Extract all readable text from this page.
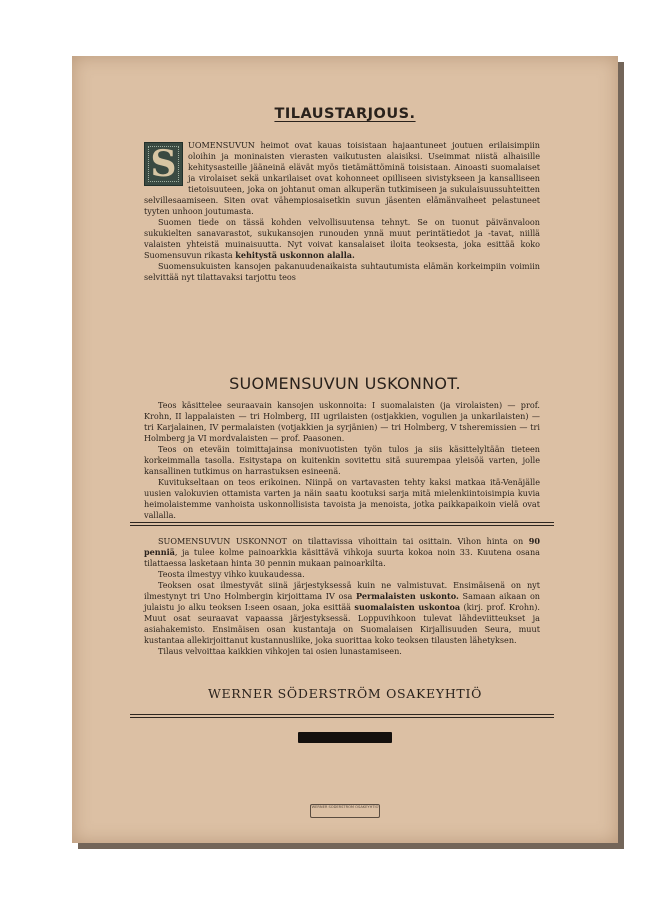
TILAUSTARJOUS.
S	UOMENSUVUN heimot ovat kauas toisistaan hajaantuneet joutuen erilaisimpiin oloihin ja moninaisten vierasten vaikutusten alaisiksi. Useimmat niistä alhaisille kehitysasteille jääneinä elävät myös tietämättöminä toisistaan. Ainoasti suomalaiset ja virolaiset sekä unkarilaiset ovat kohonneet opilliseen sivistykseen ja kansalliseen tietoisuuteen, joka on johtanut oman alkuperän tutkimiseen ja sukulaisuussuhteitten selvillesaamiseen. Siten ovat vähempiosaisetkin suvun jäsenten elämänvaiheet pelastuneet tyyten unhoon joutumasta.

Suomen tiede on tässä kohden velvollisuutensa tehnyt. Se on tuonut päivänvaloon sukukielten sanavarastot, sukukansojen runouden ynnä muut perintätiedot ja -tavat, niillä valaisten yhteistä muinaisuutta. Nyt voivat kansalaiset iloita teoksesta, joka esittää koko Suomensuvun rikasta kehitystä uskonnon alalla.

Suomensukuisten kansojen pakanuudenaikaista suhtautumista elämän korkeimpiin voimiin selvittää nyt tilattavaksi tarjottu teos

SUOMENSUVUN USKONNOT.

Teos käsittelee seuraavain kansojen uskonnoita: I suomalaisten (ja virolaisten) — prof. Krohn, II lappalaisten — tri Holmberg, III ugrilaisten (ostjakkien, vogulien ja unkarilaisten) — tri Karjalainen, IV permalaisten (votjakkien ja syrjänien) — tri Holmberg, V tsheremissien — tri Holmberg ja VI mordvalaisten — prof. Paasonen.

Teos on eteväin toimittajainsa monivuotisten työn tulos ja siis käsittelyltään tieteen korkeimmalla tasolla. Esitystapa on kuitenkin sovitettu sitä suurempaa yleisöä varten, jolle kansallinen tutkimus on harrastuksen esineenä.

Kuvitukseltaan on teos erikoinen. Niinpä on vartavasten tehty kaksi matkaa itä-Venäjälle uusien valokuvien ottamista varten ja näin saatu kootuksi sarja mitä mielenkiintoisimpia kuvia heimolaistemme vanhoista uskonnollisista tavoista ja menoista, jotka paikkapaikoin vielä ovat vallalla.

SUOMENSUVUN USKONNOT on tilattavissa vihoittain tai osittain. Vihon hinta on 90 penniä, ja tulee kolme painoarkkia käsittävä vihkoja suurta kokoa noin 33. Kuutena osana tilattaessa lasketaan hinta 30 pennin mukaan painoarkilta.

Teosta ilmestyy vihko kuukaudessa.

Teoksen osat ilmestyvät siinä järjestyksessä kuin ne valmistuvat. Ensimäisenä on nyt ilmestynyt tri Uno Holmbergin kirjoittama IV osa Permalaisten uskonto. Samaan aikaan on julaistu jo alku teoksen I:seen osaan, joka esittää suomalaisten uskontoa (kirj. prof. Krohn). Muut osat seuraavat vapaassa järjestyksessä. Loppuvihkoon tulevat lähdeviitteukset ja asiahakemisto. Ensimäisen osan kustantaja on Suomalaisen Kirjallisuuden Seura, muut kustantaa allekirjoittanut kustannusliike, joka suorittaa koko teoksen tilausten lähetyksen.

Tilaus velvoittaa kaikkien vihkojen tai osien lunastamiseen.

WERNER SÖDERSTRÖM OSAKEYHTIÖ
WERNER SÖDERSTRÖM OSAKEYHTIÖ
